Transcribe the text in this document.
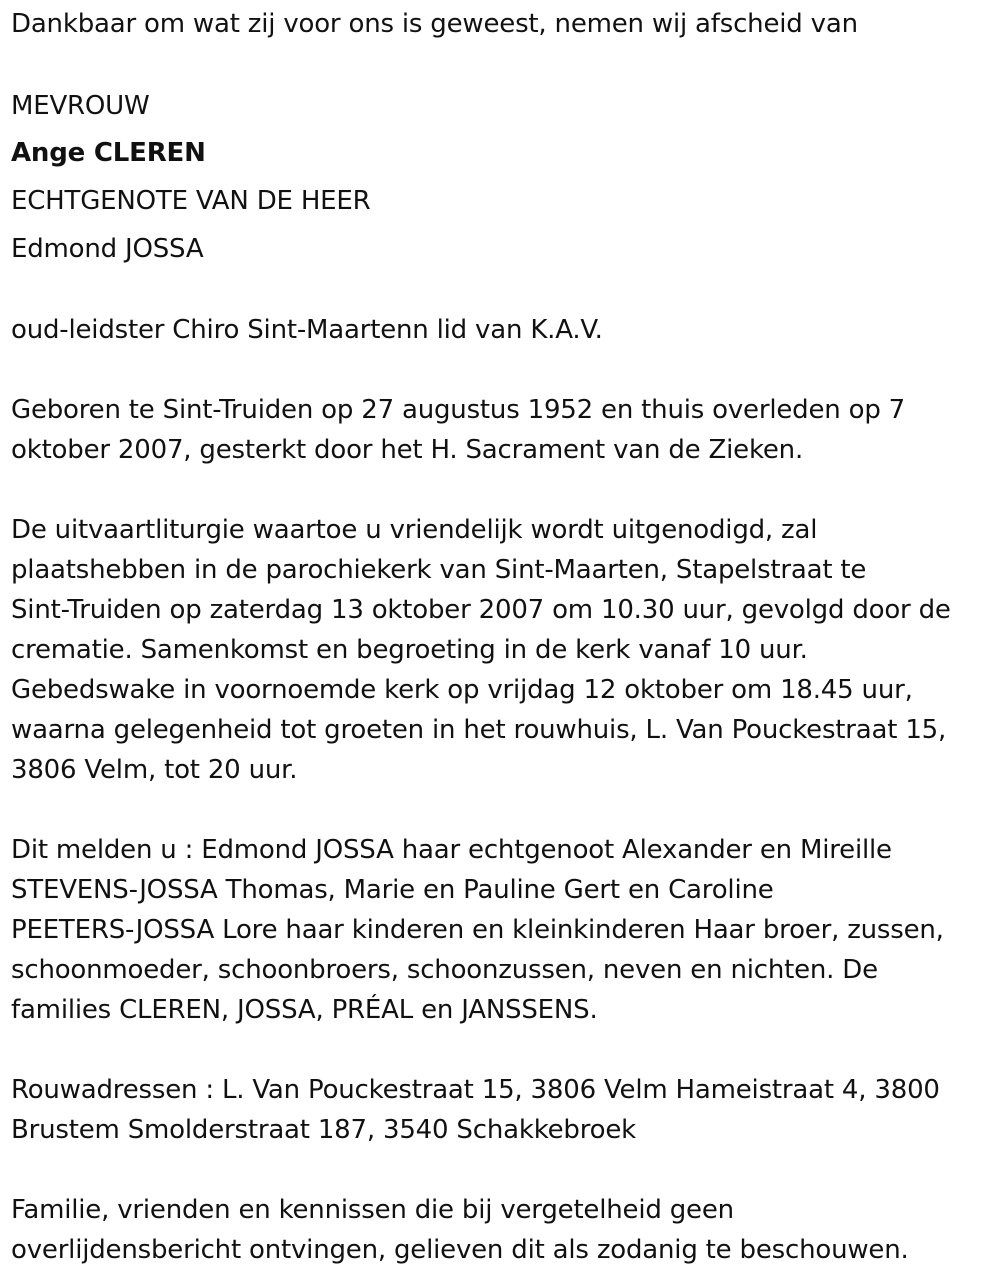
Dankbaar om wat zij voor ons is geweest, nemen wij afscheid van
MEVROUW
Ange CLEREN
ECHTGENOTE VAN DE HEER
Edmond JOSSA
oud-leidster Chiro Sint-Maartenn lid van K.A.V.
Geboren te Sint-Truiden op 27 augustus 1952 en thuis overleden op 7
oktober 2007, gesterkt door het H. Sacrament van de Zieken.
De uitvaartliturgie waartoe u vriendelijk wordt uitgenodigd, zal
plaatshebben in de parochiekerk van Sint-Maarten, Stapelstraat te
Sint-Truiden op zaterdag 13 oktober 2007 om 10.30 uur, gevolgd door de
crematie. Samenkomst en begroeting in de kerk vanaf 10 uur.
Gebedswake in voornoemde kerk op vrijdag 12 oktober om 18.45 uur,
waarna gelegenheid tot groeten in het rouwhuis, L. Van Pouckestraat 15,
3806 Velm, tot 20 uur.
Dit melden u : Edmond JOSSA haar echtgenoot Alexander en Mireille
STEVENS-JOSSA Thomas, Marie en Pauline Gert en Caroline
PEETERS-JOSSA Lore haar kinderen en kleinkinderen Haar broer, zussen,
schoonmoeder, schoonbroers, schoonzussen, neven en nichten. De
families CLEREN, JOSSA, PRÉAL en JANSSENS.
Rouwadressen : L. Van Pouckestraat 15, 3806 Velm Hameistraat 4, 3800
Brustem Smolderstraat 187, 3540 Schakkebroek
Familie, vrienden en kennissen die bij vergetelheid geen
overlijdensbericht ontvingen, gelieven dit als zodanig te beschouwen.
